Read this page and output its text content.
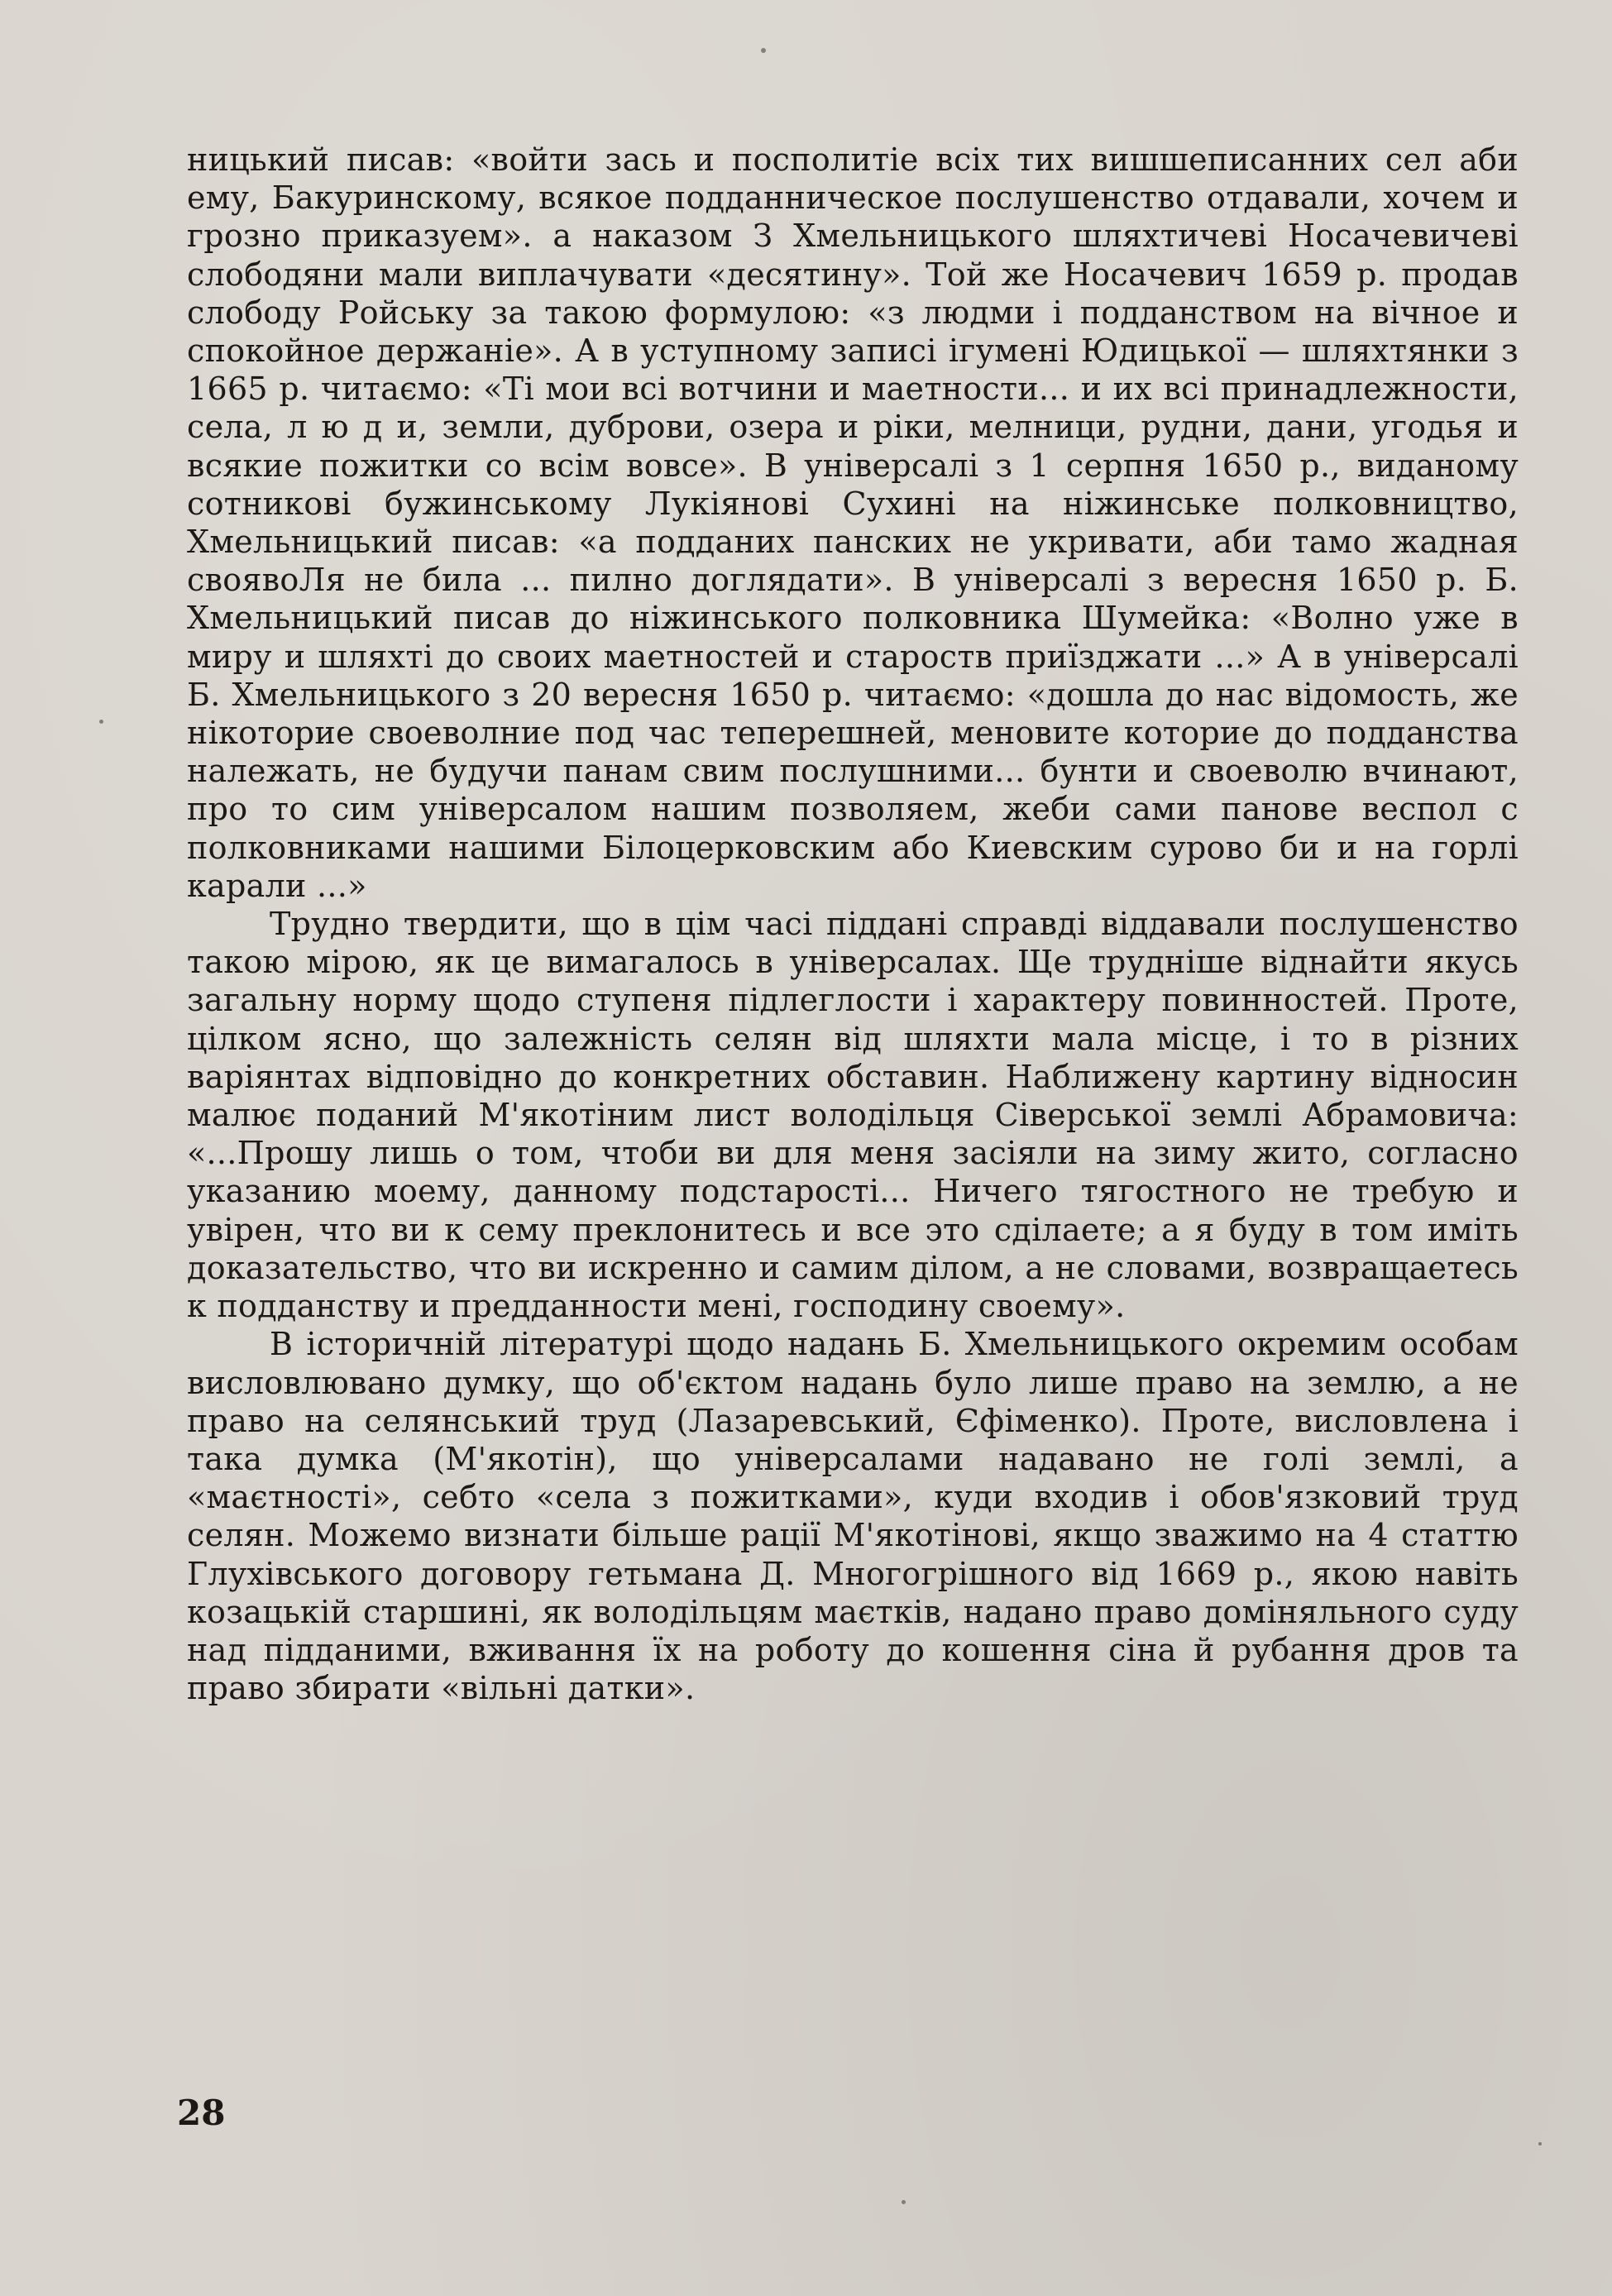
ницький писав: «войти зась и посполитіе всіх тих вишшеписанних сел аби ему, Бакуринскому, всякое подданническое послушенство отдавали, хочем и грозно приказуем». а наказом З Хмельницького шляхтичеві Носачевичеві слободяни мали виплачувати «десятину». Той же Носачевич 1659 р. продав слободу Ройську за такою формулою: «з людми і подданством на вічное и спокойное держаніе». А в уступному записі ігумені Юдицької — шляхтянки з 1665 р. читаємо: «Ті мои всі вотчини и маетности... и их всі принадлежности, села, л ю д и, земли, дуброви, озера и ріки, мелници, рудни, дани, угодья и всякие пожитки со всім вовсе». В універсалі з 1 серпня 1650 р., виданому сотникові бужинському Лукіянові Сухині на ніжинське полковництво, Хмельницький писав: «а подданих панских не укривати, аби тамо жадная своявоЛя не била ... пилно доглядати». В універсалі з вересня 1650 р. Б. Хмельницький писав до ніжинського полковника Шумейка: «Волно уже в миру и шляхті до своих маетностей и староств приїзджати ...» А в універсалі Б. Хмельницького з 20 вересня 1650 р. читаємо: «дошла до нас відомость, же нікоторие своеволние под час теперешней, меновите которие до подданства належать, не будучи панам свим послушними... бунти и своеволю вчинают, про то сим універсалом нашим позволяем, жеби сами панове веспол с полковниками нашими Білоцерковским або Киевским сурово би и на горлі карали ...»

Трудно твердити, що в цім часі піддані справді віддавали послушенство такою мірою, як це вимагалось в універсалах. Ще трудніше віднайти якусь загальну норму щодо ступеня підлеглости і характеру повинностей. Проте, цілком ясно, що залежність селян від шляхти мала місце, і то в різних варіянтах відповідно до конкретних обставин. Наближену картину відносин малює поданий М'якотіним лист володільця Сіверської землі Абрамовича: «...Прошу лишь о том, чтоби ви для меня засіяли на зиму жито, согласно указанию моему, данному подстарості... Ничего тягостного не требую и увірен, что ви к сему преклонитесь и все это сділаете; а я буду в том иміть доказательство, что ви искренно и самим ділом, а не словами, возвращаетесь к подданству и предданности мені, господину своему».

В історичній літературі щодо надань Б. Хмельницького окремим особам висловлювано думку, що об'єктом надань було лише право на землю, а не право на селянський труд (Лазаревський, Єфіменко). Проте, висловлена і така думка (М'якотін), що універсалами надавано не голі землі, а «маєтності», себто «села з пожитками», куди входив і обов'язковий труд селян. Можемо визнати більше рації М'якотінові, якщо зважимо на 4 статтю Глухівського договору гетьмана Д. Многогрішного від 1669 р., якою навіть козацькій старшині, як володільцям маєтків, надано право доміняльного суду над підданими, вживання їх на роботу до кошення сіна й рубання дров та право збирати «вільні датки».

28
